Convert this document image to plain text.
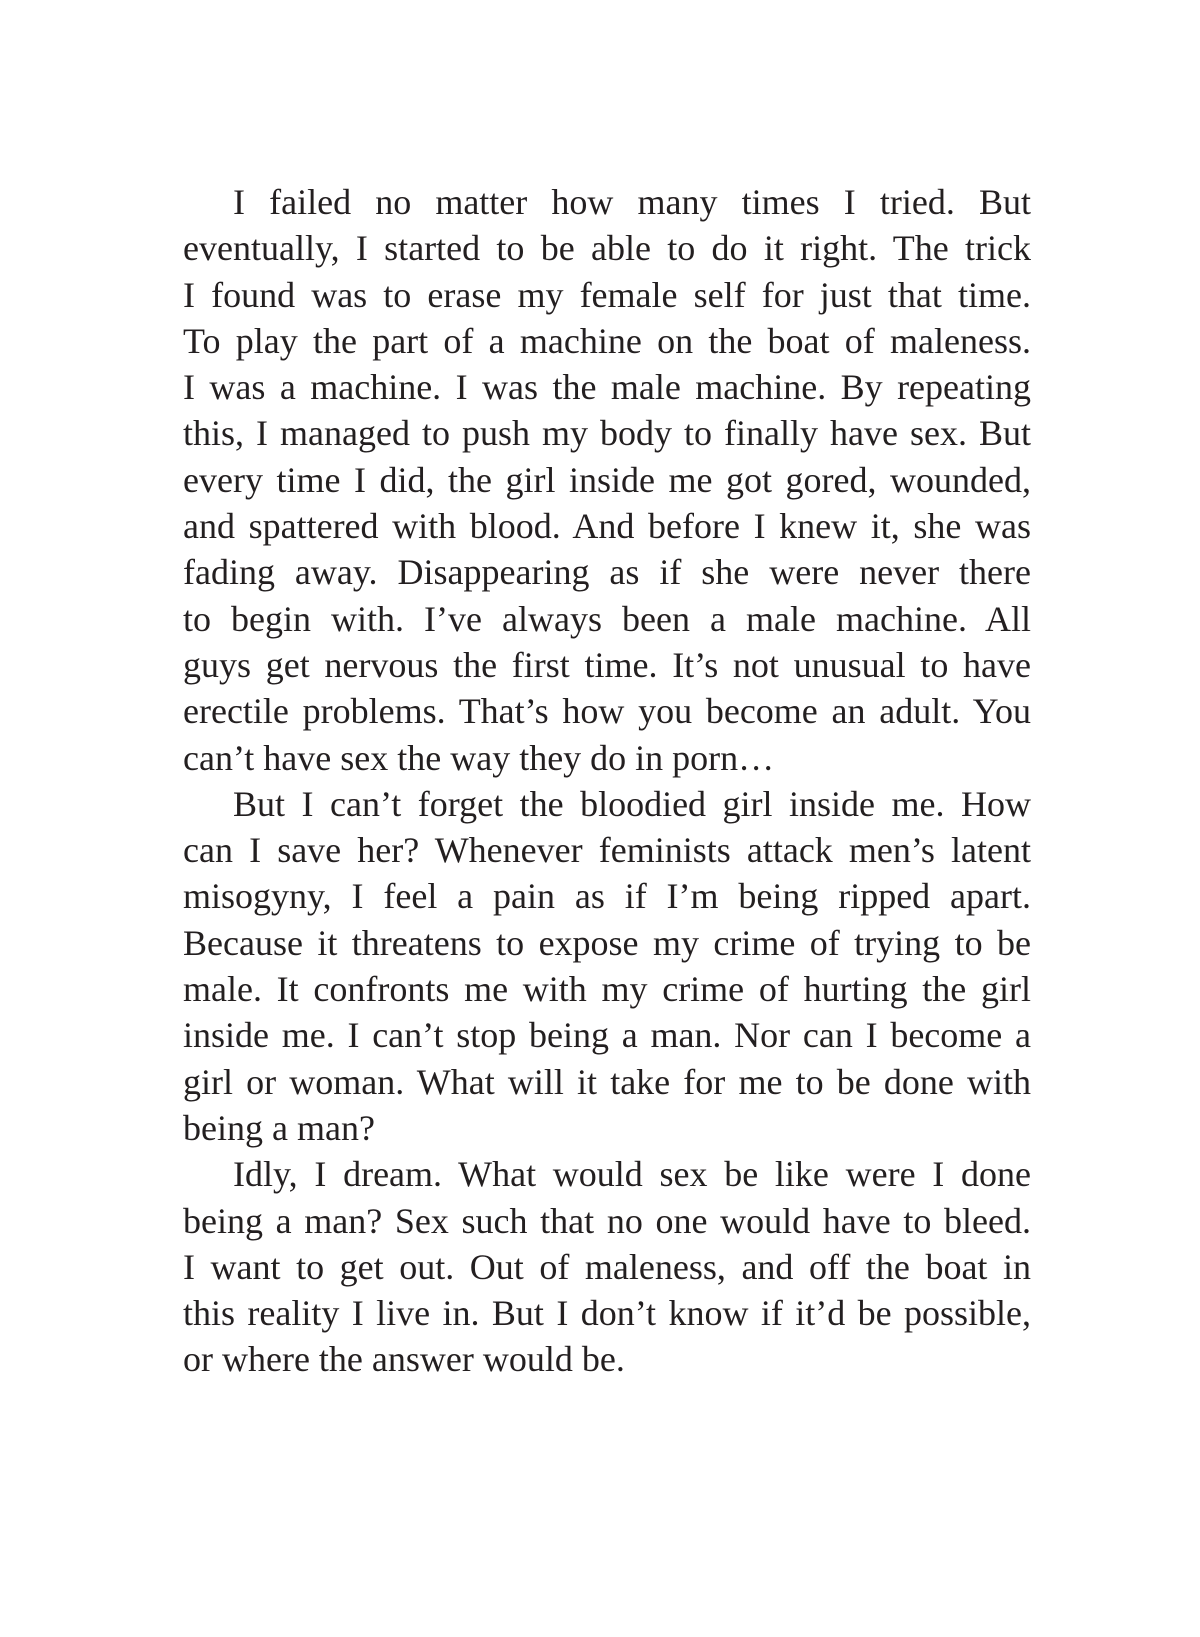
I failed no matter how many times I tried. But
eventually, I started to be able to do it right. The trick
I found was to erase my female self for just that time.
To play the part of a machine on the boat of maleness.
I was a machine. I was the male machine. By repeating
this, I managed to push my body to finally have sex. But
every time I did, the girl inside me got gored, wounded,
and spattered with blood. And before I knew it, she was
fading away. Disappearing as if she were never there
to begin with. I’ve always been a male machine. All
guys get nervous the first time. It’s not unusual to have
erectile problems. That’s how you become an adult. You
can’t have sex the way they do in porn…
But I can’t forget the bloodied girl inside me. How
can I save her? Whenever feminists attack men’s latent
misogyny, I feel a pain as if I’m being ripped apart.
Because it threatens to expose my crime of trying to be
male. It confronts me with my crime of hurting the girl
inside me. I can’t stop being a man. Nor can I become a
girl or woman. What will it take for me to be done with
being a man?
Idly, I dream. What would sex be like were I done
being a man? Sex such that no one would have to bleed.
I want to get out. Out of maleness, and off the boat in
this reality I live in. But I don’t know if it’d be possible,
or where the answer would be.
